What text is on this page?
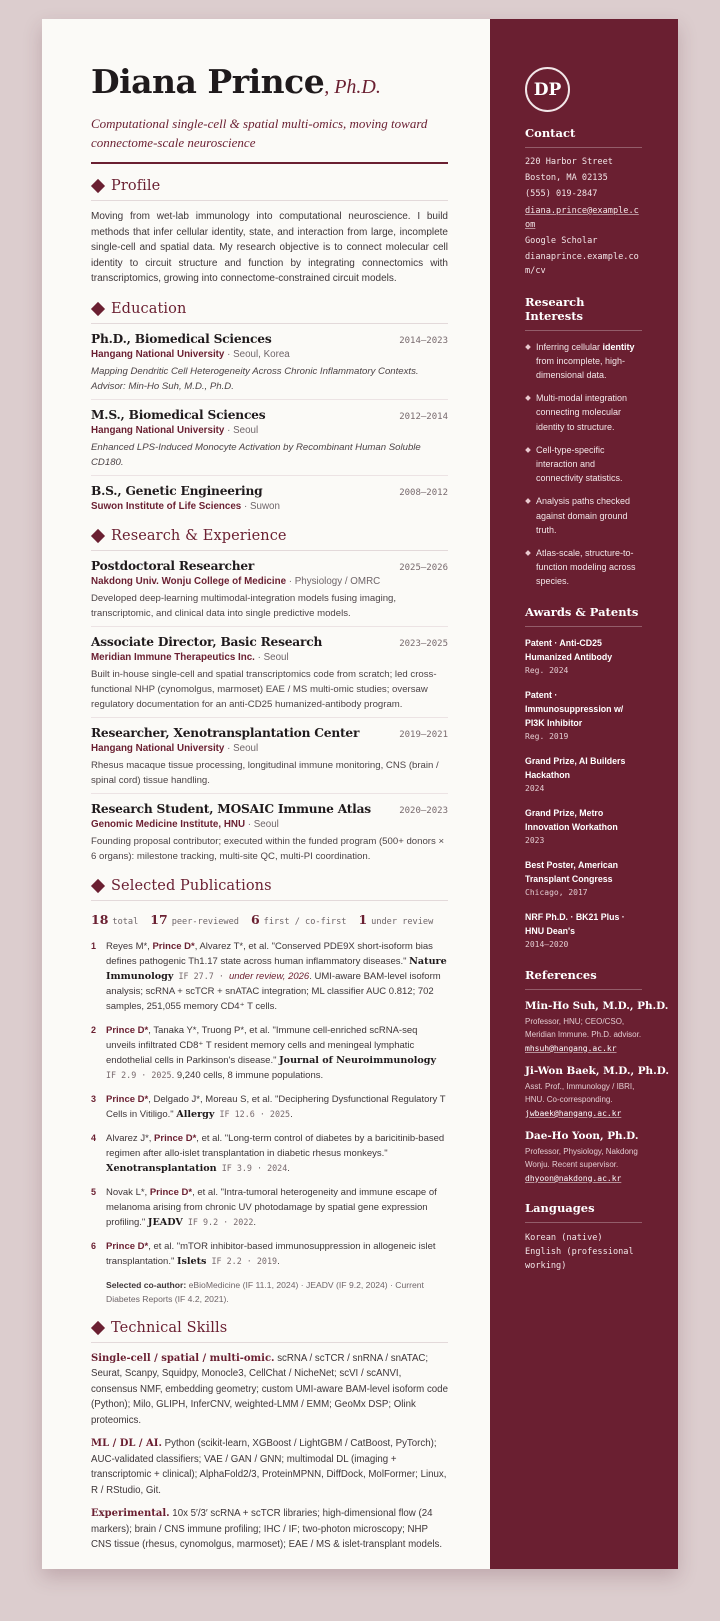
Diana Prince, Ph.D.
Computational single-cell & spatial multi-omics, moving toward connectome-scale neuroscience
Profile

Moving from wet-lab immunology into computational neuroscience. I build methods that infer cellular identity, state, and interaction from large, incomplete single-cell and spatial data. My research objective is to connect molecular cell identity to circuit structure and function by integrating connectomics with transcriptomics, growing into connectome-constrained circuit models.

Education
Ph.D., Biomedical Sciences	2014–2023
Hangang National University · Seoul, Korea
Mapping Dendritic Cell Heterogeneity Across Chronic Inflammatory Contexts. Advisor: Min-Ho Suh, M.D., Ph.D.
M.S., Biomedical Sciences	2012–2014
Hangang National University · Seoul
Enhanced LPS-Induced Monocyte Activation by Recombinant Human Soluble CD180.
B.S., Genetic Engineering	2008–2012
Suwon Institute of Life Sciences · Suwon
Research & Experience
Postdoctoral Researcher	2025–2026
Nakdong Univ. Wonju College of Medicine · Physiology / OMRC
Developed deep-learning multimodal-integration models fusing imaging, transcriptomic, and clinical data into single predictive models.
Associate Director, Basic Research	2023–2025
Meridian Immune Therapeutics Inc. · Seoul
Built in-house single-cell and spatial transcriptomics code from scratch; led cross-functional NHP (cynomolgus, marmoset) EAE / MS multi-omic studies; oversaw regulatory documentation for an anti-CD25 humanized-antibody program.
Researcher, Xenotransplantation Center	2019–2021
Hangang National University · Seoul
Rhesus macaque tissue processing, longitudinal immune monitoring, CNS (brain / spinal cord) tissue handling.
Research Student, MOSAIC Immune Atlas	2020–2023
Genomic Medicine Institute, HNU · Seoul
Founding proposal contributor; executed within the funded program (500+ donors × 6 organs): milestone tracking, multi-site QC, multi-PI coordination.
Selected Publications
18 total 17 peer-reviewed 6 first / co-first 1 under review
1	Reyes M*, Prince D*, Alvarez T*, et al. "Conserved PDE9X short-isoform bias defines pathogenic Th1.17 state across human inflammatory diseases." Nature Immunology IF 27.7 · under review, 2026. UMI-aware BAM-level isoform analysis; scRNA + scTCR + snATAC integration; ML classifier AUC 0.812; 702 samples, 251,055 memory CD4⁺ T cells.
2	Prince D*, Tanaka Y*, Truong P*, et al. "Immune cell-enriched scRNA-seq unveils infiltrated CD8⁺ T resident memory cells and meningeal lymphatic endothelial cells in Parkinson's disease." Journal of Neuroimmunology IF 2.9 · 2025. 9,240 cells, 8 immune populations.
3	Prince D*, Delgado J*, Moreau S, et al. "Deciphering Dysfunctional Regulatory T Cells in Vitiligo." Allergy IF 12.6 · 2025.
4	Alvarez J*, Prince D*, et al. "Long-term control of diabetes by a baricitinib-based regimen after allo-islet transplantation in diabetic rhesus monkeys." Xenotransplantation IF 3.9 · 2024.
5	Novak L*, Prince D*, et al. "Intra-tumoral heterogeneity and immune escape of melanoma arising from chronic UV photodamage by spatial gene expression profiling." JEADV IF 9.2 · 2022.
6	Prince D*, et al. "mTOR inhibitor-based immunosuppression in allogeneic islet transplantation." Islets IF 2.2 · 2019.
Selected co-author: eBioMedicine (IF 11.1, 2024) · JEADV (IF 9.2, 2024) · Current Diabetes Reports (IF 4.2, 2021).
Technical Skills
Single-cell / spatial / multi-omic. scRNA / scTCR / snRNA / snATAC; Seurat, Scanpy, Squidpy, Monocle3, CellChat / NicheNet; scVI / scANVI, consensus NMF, embedding geometry; custom UMI-aware BAM-level isoform code (Python); Milo, GLIPH, InferCNV, weighted-LMM / EMM; GeoMx DSP; Olink proteomics.
ML / DL / AI. Python (scikit-learn, XGBoost / LightGBM / CatBoost, PyTorch); AUC-validated classifiers; VAE / GAN / GNN; multimodal DL (imaging + transcriptomic + clinical); AlphaFold2/3, ProteinMPNN, DiffDock, MolFormer; Linux, R / RStudio, Git.
Experimental. 10x 5′/3′ scRNA + scTCR libraries; high-dimensional flow (24 markers); brain / CNS immune profiling; IHC / IF; two-photon microscopy; NHP CNS tissue (rhesus, cynomolgus, marmoset); EAE / MS & islet-transplant models.
DP
Contact
220 Harbor Street
Boston, MA 02135
(555) 019-2847
diana.prince@example.com
Google Scholar
dianaprince.example.com/cv
Research Interests
Inferring cellular identity from incomplete, high-dimensional data.
Multi-modal integration connecting molecular identity to structure.
Cell-type-specific interaction and connectivity statistics.
Analysis paths checked against domain ground truth.
Atlas-scale, structure-to-function modeling across species.
Awards & Patents
Patent · Anti-CD25 Humanized Antibody
Reg. 2024
Patent · Immunosuppression w/ PI3K Inhibitor
Reg. 2019
Grand Prize, AI Builders Hackathon
2024
Grand Prize, Metro Innovation Workathon
2023
Best Poster, American Transplant Congress
Chicago, 2017
NRF Ph.D. · BK21 Plus · HNU Dean's
2014–2020
References
Min-Ho Suh, M.D., Ph.D.
Professor, HNU; CEO/CSO, Meridian Immune. Ph.D. advisor.
mhsuh@hangang.ac.kr
Ji-Won Baek, M.D., Ph.D.
Asst. Prof., Immunology / IBRI, HNU. Co-corresponding.
jwbaek@hangang.ac.kr
Dae-Ho Yoon, Ph.D.
Professor, Physiology, Nakdong Wonju. Recent supervisor.
dhyoon@nakdong.ac.kr
Languages
Korean (native)
English (professional working)
